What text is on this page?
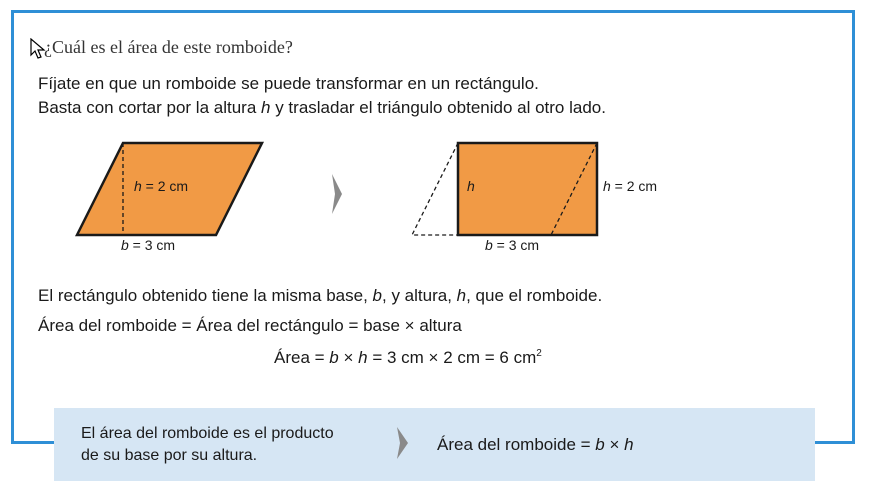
¿Cuál es el área de este romboide?
Fíjate en que un romboide se puede transformar en un rectángulo.
Basta con cortar por la altura h y trasladar el triángulo obtenido al otro lado.
h = 2 cm
b = 3 cm
h	h = 2 cm
b = 3 cm
El rectángulo obtenido tiene la misma base, b, y altura, h, que el romboide.
Área del romboide = Área del rectángulo = base × altura
Área = b × h = 3 cm × 2 cm = 6 $cm^2$
El área del romboide es el producto
de su base por su altura.
Área del romboide = b × h
